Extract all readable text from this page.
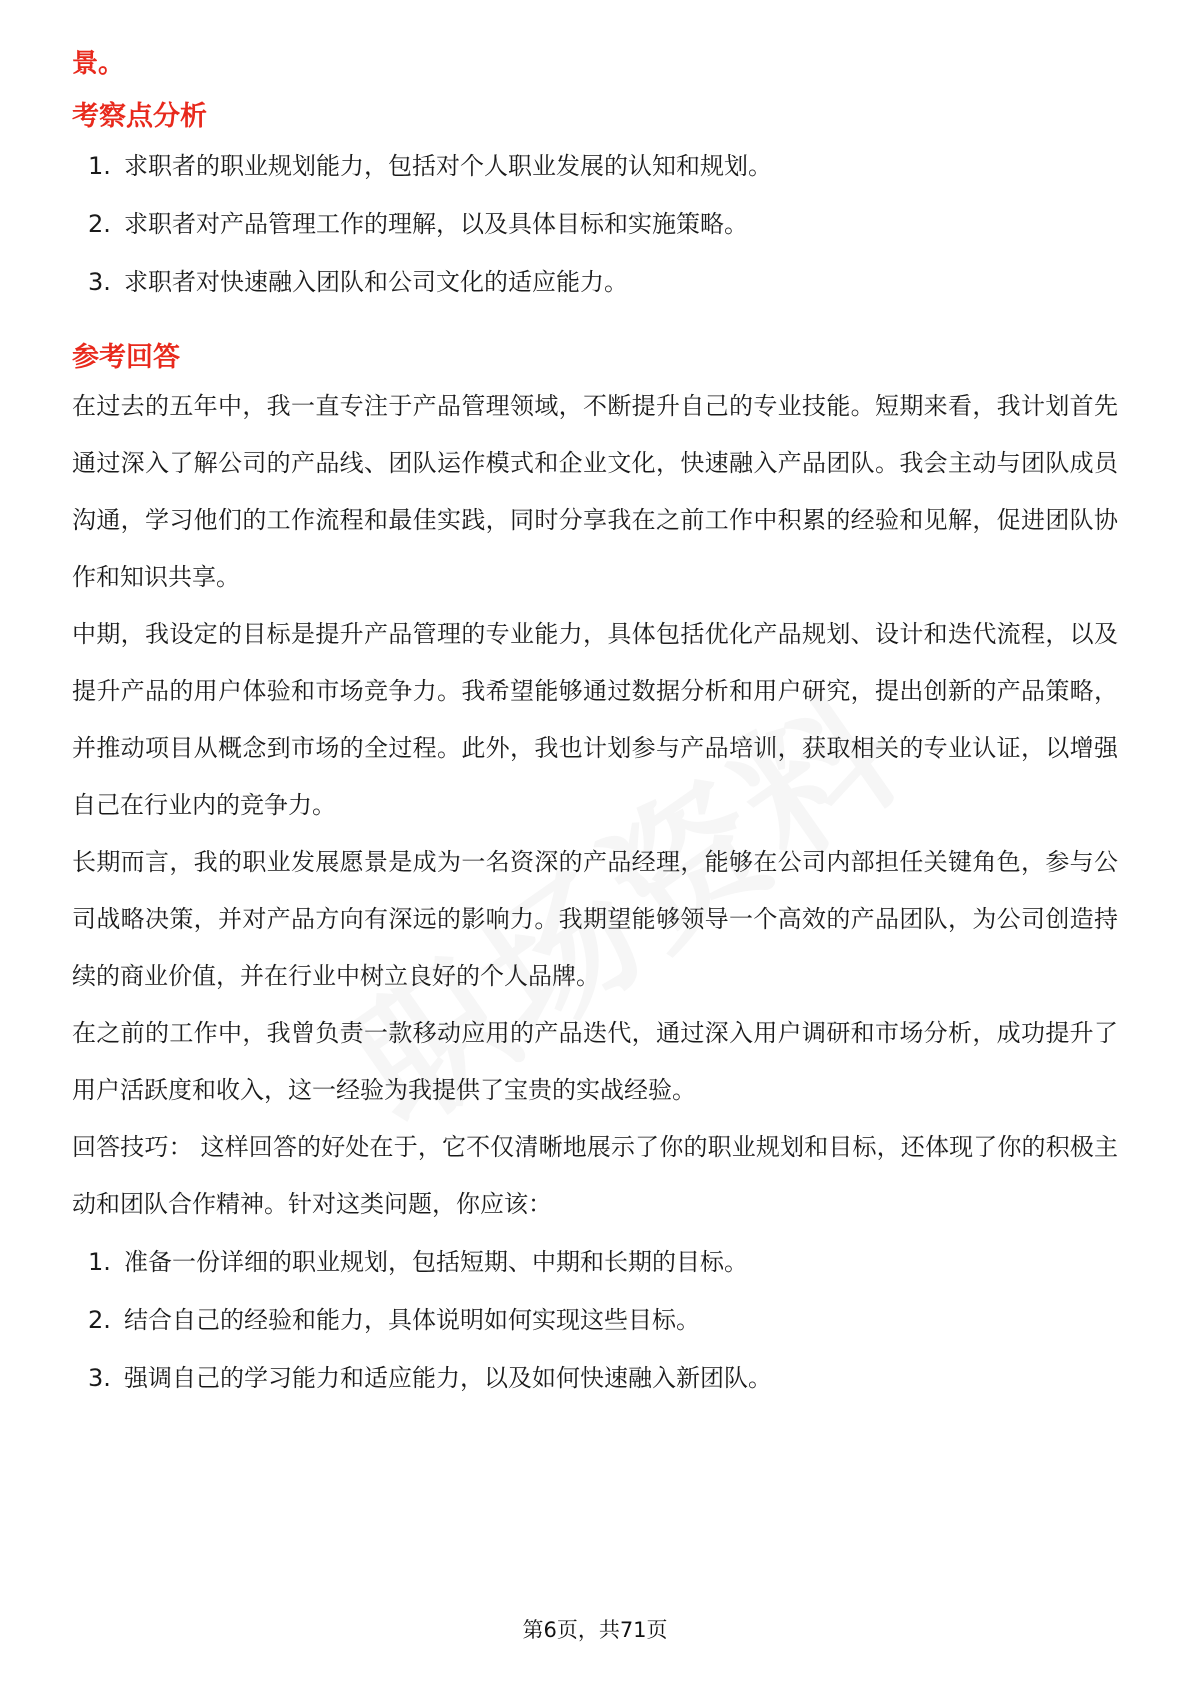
景。
考察点分析
1. 求职者的职业规划能力，包括对个人职业发展的认知和规划。
2. 求职者对产品管理工作的理解，以及具体目标和实施策略。
3. 求职者对快速融入团队和公司文化的适应能力。
参考回答

在过去的五年中，我一直专注于产品管理领域，不断提升自己的专业技能。短期来看，我计划首先通过深入了解公司的产品线、团队运作模式和企业文化，快速融入产品团队。我会主动与团队成员沟通，学习他们的工作流程和最佳实践，同时分享我在之前工作中积累的经验和见解，促进团队协作和知识共享。

中期，我设定的目标是提升产品管理的专业能力，具体包括优化产品规划、设计和迭代流程，以及提升产品的用户体验和市场竞争力。我希望能够通过数据分析和用户研究，提出创新的产品策略，并推动项目从概念到市场的全过程。此外，我也计划参与产品培训，获取相关的专业认证，以增强自己在行业内的竞争力。

长期而言，我的职业发展愿景是成为一名资深的产品经理，能够在公司内部担任关键角色，参与公司战略决策，并对产品方向有深远的影响力。我期望能够领导一个高效的产品团队，为公司创造持续的商业价值，并在行业中树立良好的个人品牌。

在之前的工作中，我曾负责一款移动应用的产品迭代，通过深入用户调研和市场分析，成功提升了用户活跃度和收入，这一经验为我提供了宝贵的实战经验。

回答技巧： 这样回答的好处在于，它不仅清晰地展示了你的职业规划和目标，还体现了你的积极主动和团队合作精神。针对这类问题，你应该：

1. 准备一份详细的职业规划，包括短期、中期和长期的目标。
2. 结合自己的经验和能力，具体说明如何实现这些目标。
3. 强调自己的学习能力和适应能力，以及如何快速融入新团队。
第6页，共71页
